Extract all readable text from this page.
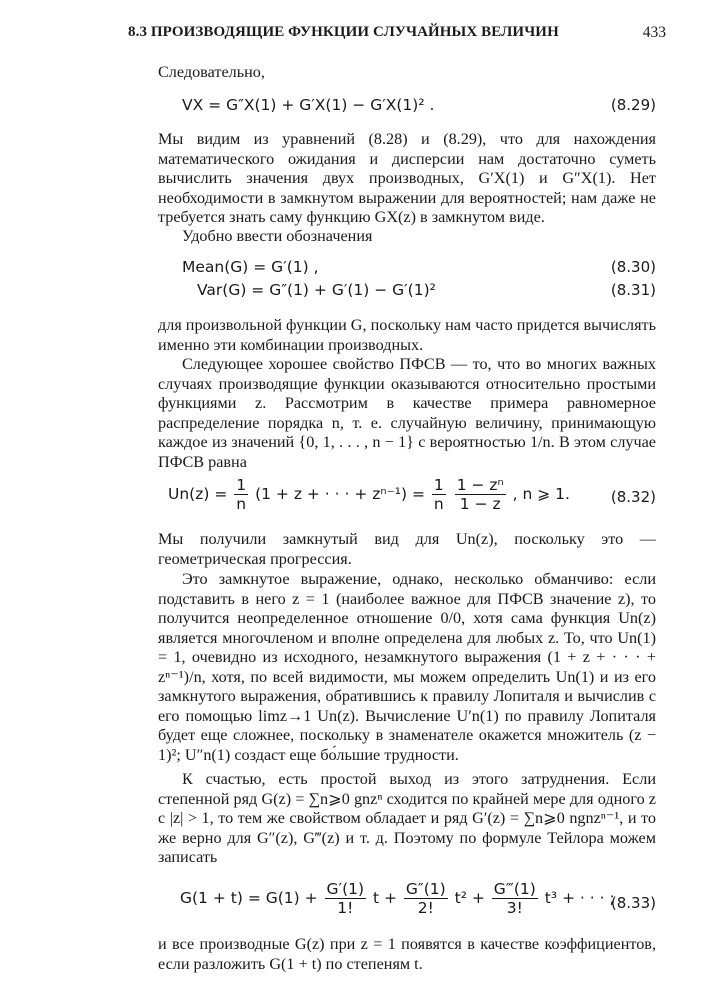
8.3 ПРОИЗВОДЯЩИЕ ФУНКЦИИ СЛУЧАЙНЫХ ВЕЛИЧИН	433
Следовательно,
VX = G″X(1) + G′X(1) − G′X(1)² .	(8.29)
Мы видим из уравнений (8.28) и (8.29), что для нахождения математического ожидания и дисперсии нам достаточно суметь вычислить значения двух производных, G′X(1) и G″X(1). Нет необходимости в замкнутом выражении для вероятностей; нам даже не требуется знать саму функцию GX(z) в замкнутом виде.
Удобно ввести обозначения
Mean(G) = G′(1) ,	(8.30)
Var(G) = G″(1) + G′(1) − G′(1)²	(8.31)
для произвольной функции G, поскольку нам часто придется вычислять именно эти комбинации производных.
Следующее хорошее свойство ПФСВ — то, что во многих важных случаях производящие функции оказываются относительно простыми функциями z. Рассмотрим в качестве примера равномерное распределение порядка n, т. е. случайную величину, принимающую каждое из значений {0, 1, . . . , n − 1} с вероятностью 1/n. В этом случае ПФСВ равна
$Un(z) = \frac{1}{n} (1 + z$ + · · · + $z^{n-1}) = \frac{1}{n}$
$\frac{\text{1 − zⁿ}}{1 - z}$ , n ⩾ 1.	(8.32)
Мы получили замкнутый вид для Un(z), поскольку это — геометрическая прогрессия.
Это замкнутое выражение, однако, несколько обманчиво: если подставить в него z = 1 (наиболее важное для ПФСВ значение z), то получится неопределенное отношение 0/0, хотя сама функция Un(z) является многочленом и вполне определена для любых z. То, что Un(1) = 1, очевидно из исходного, незамкнутого выражения (1 + z + · · · + zⁿ⁻¹)/n, хотя, по всей видимости, мы можем определить Un(1) и из его замкнутого выражения, обратившись к правилу Лопиталя и вычислив с его помощью limz→1 Un(z). Вычисление U′n(1) по правилу Лопиталя будет еще сложнее, поскольку в знаменателе окажется множитель (z − 1)²; U″n(1) создаст еще бо́льшие трудности.
К счастью, есть простой выход из этого затруднения. Если степенной ряд G(z) = ∑n⩾0 gnzⁿ сходится по крайней мере для одного z с |z| > 1, то тем же свойством обладает и ряд G′(z) = ∑n⩾0 ngnzⁿ⁻¹, и то же верно для G″(z), G‴(z) и т. д. Поэтому по формуле Тейлора можем записать
$G(1 + t) = G(1) + \frac{G'(1)}{1!}$ $t + \frac{G''(1)}{2!} t^2 + \frac{G‴(1)}{3!} t^3$ + · · · ;
(8.33)
и все производные G(z) при z = 1 появятся в качестве коэффициентов, если разложить G(1 + t) по степеням t.
